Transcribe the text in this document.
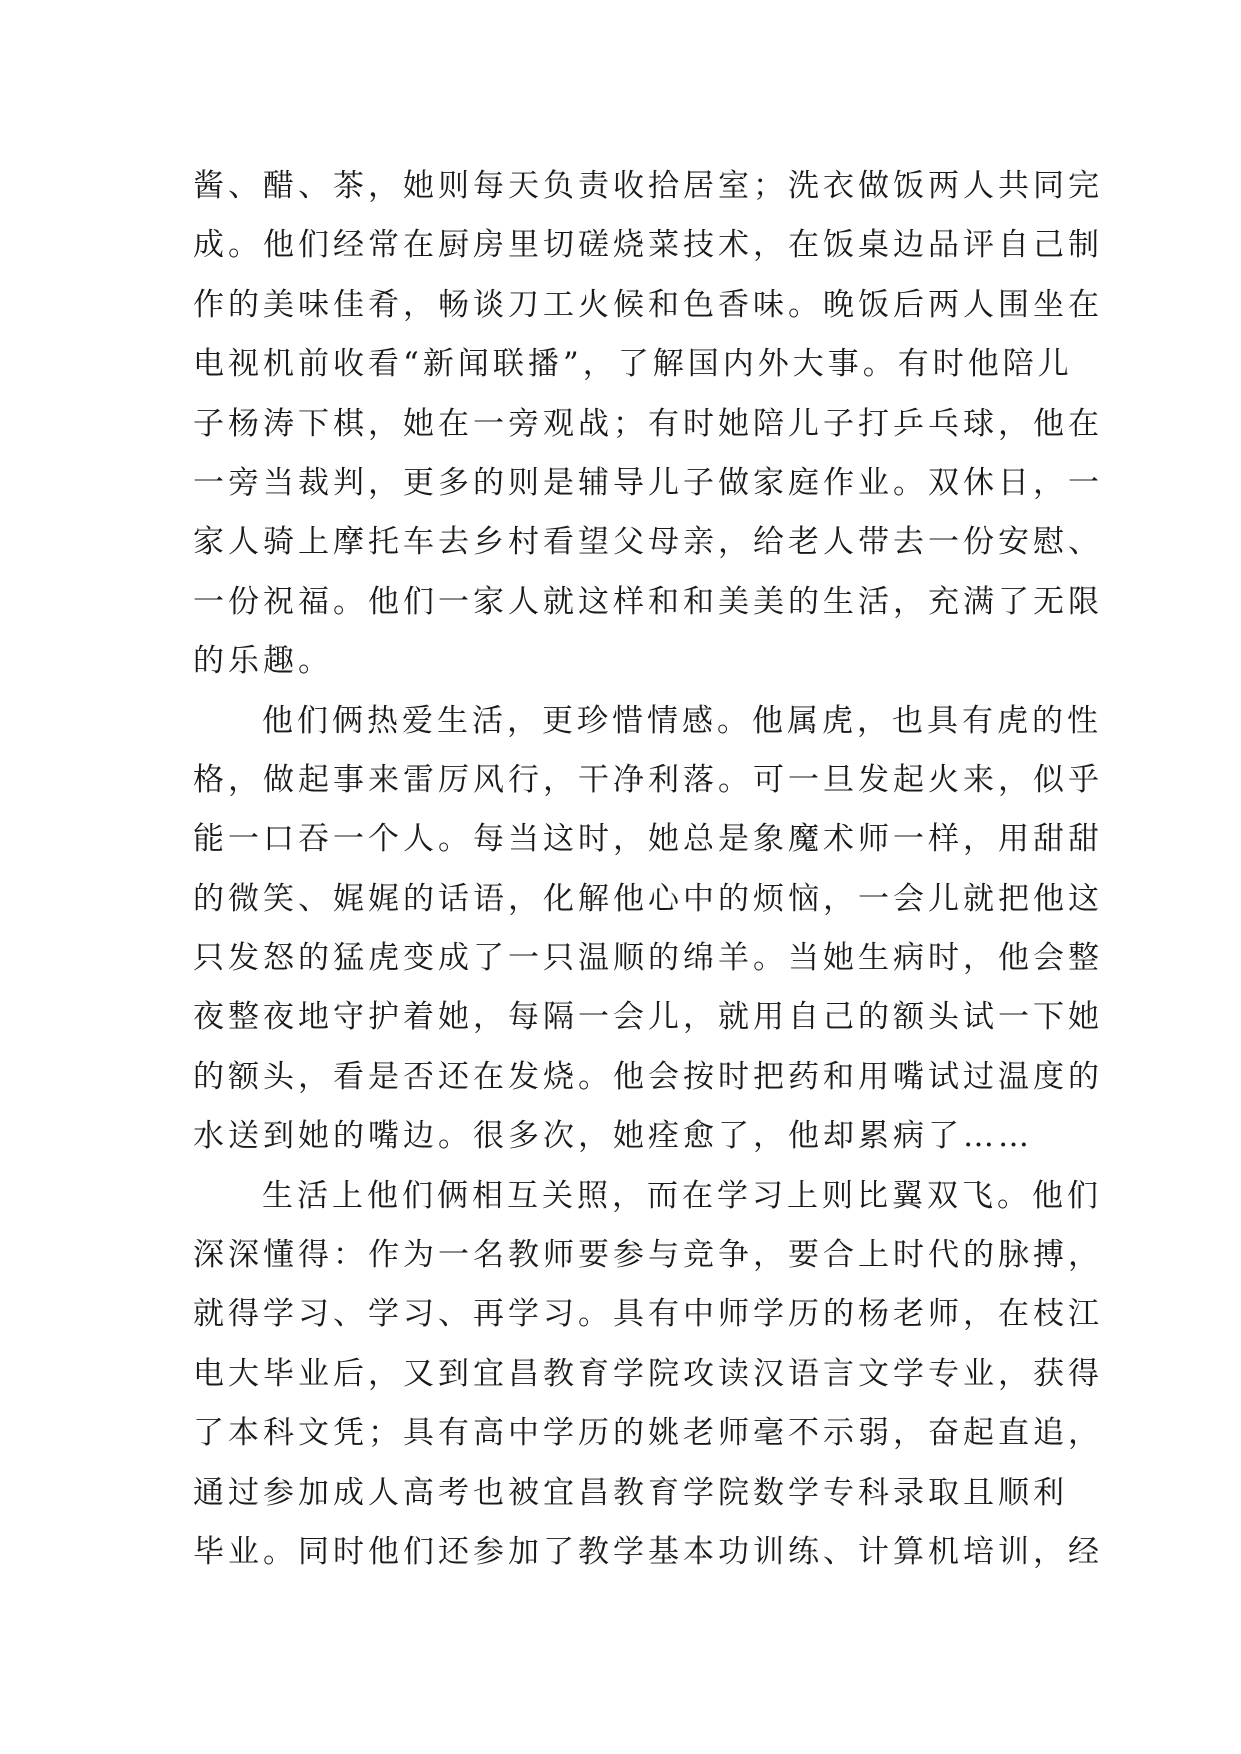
酱、醋、茶，她则每天负责收拾居室；洗衣做饭两人共同完
成。他们经常在厨房里切磋烧菜技术，在饭桌边品评自己制
作的美味佳肴，畅谈刀工火候和色香味。晚饭后两人围坐在
电视机前收看“新闻联播”，了解国内外大事。有时他陪儿
子杨涛下棋，她在一旁观战；有时她陪儿子打乒乓球，他在
一旁当裁判，更多的则是辅导儿子做家庭作业。双休日，一
家人骑上摩托车去乡村看望父母亲，给老人带去一份安慰、
一份祝福。他们一家人就这样和和美美的生活，充满了无限
的乐趣。
他们俩热爱生活，更珍惜情感。他属虎，也具有虎的性
格，做起事来雷厉风行，干净利落。可一旦发起火来，似乎
能一口吞一个人。每当这时，她总是象魔术师一样，用甜甜
的微笑、娓娓的话语，化解他心中的烦恼，一会儿就把他这
只发怒的猛虎变成了一只温顺的绵羊。当她生病时，他会整
夜整夜地守护着她，每隔一会儿，就用自己的额头试一下她
的额头，看是否还在发烧。他会按时把药和用嘴试过温度的
水送到她的嘴边。很多次，她痊愈了，他却累病了……
生活上他们俩相互关照，而在学习上则比翼双飞。他们
深深懂得：作为一名教师要参与竞争，要合上时代的脉搏，
就得学习、学习、再学习。具有中师学历的杨老师，在枝江
电大毕业后，又到宜昌教育学院攻读汉语言文学专业，获得
了本科文凭；具有高中学历的姚老师毫不示弱，奋起直追，
通过参加成人高考也被宜昌教育学院数学专科录取且顺利
毕业。同时他们还参加了教学基本功训练、计算机培训，经
